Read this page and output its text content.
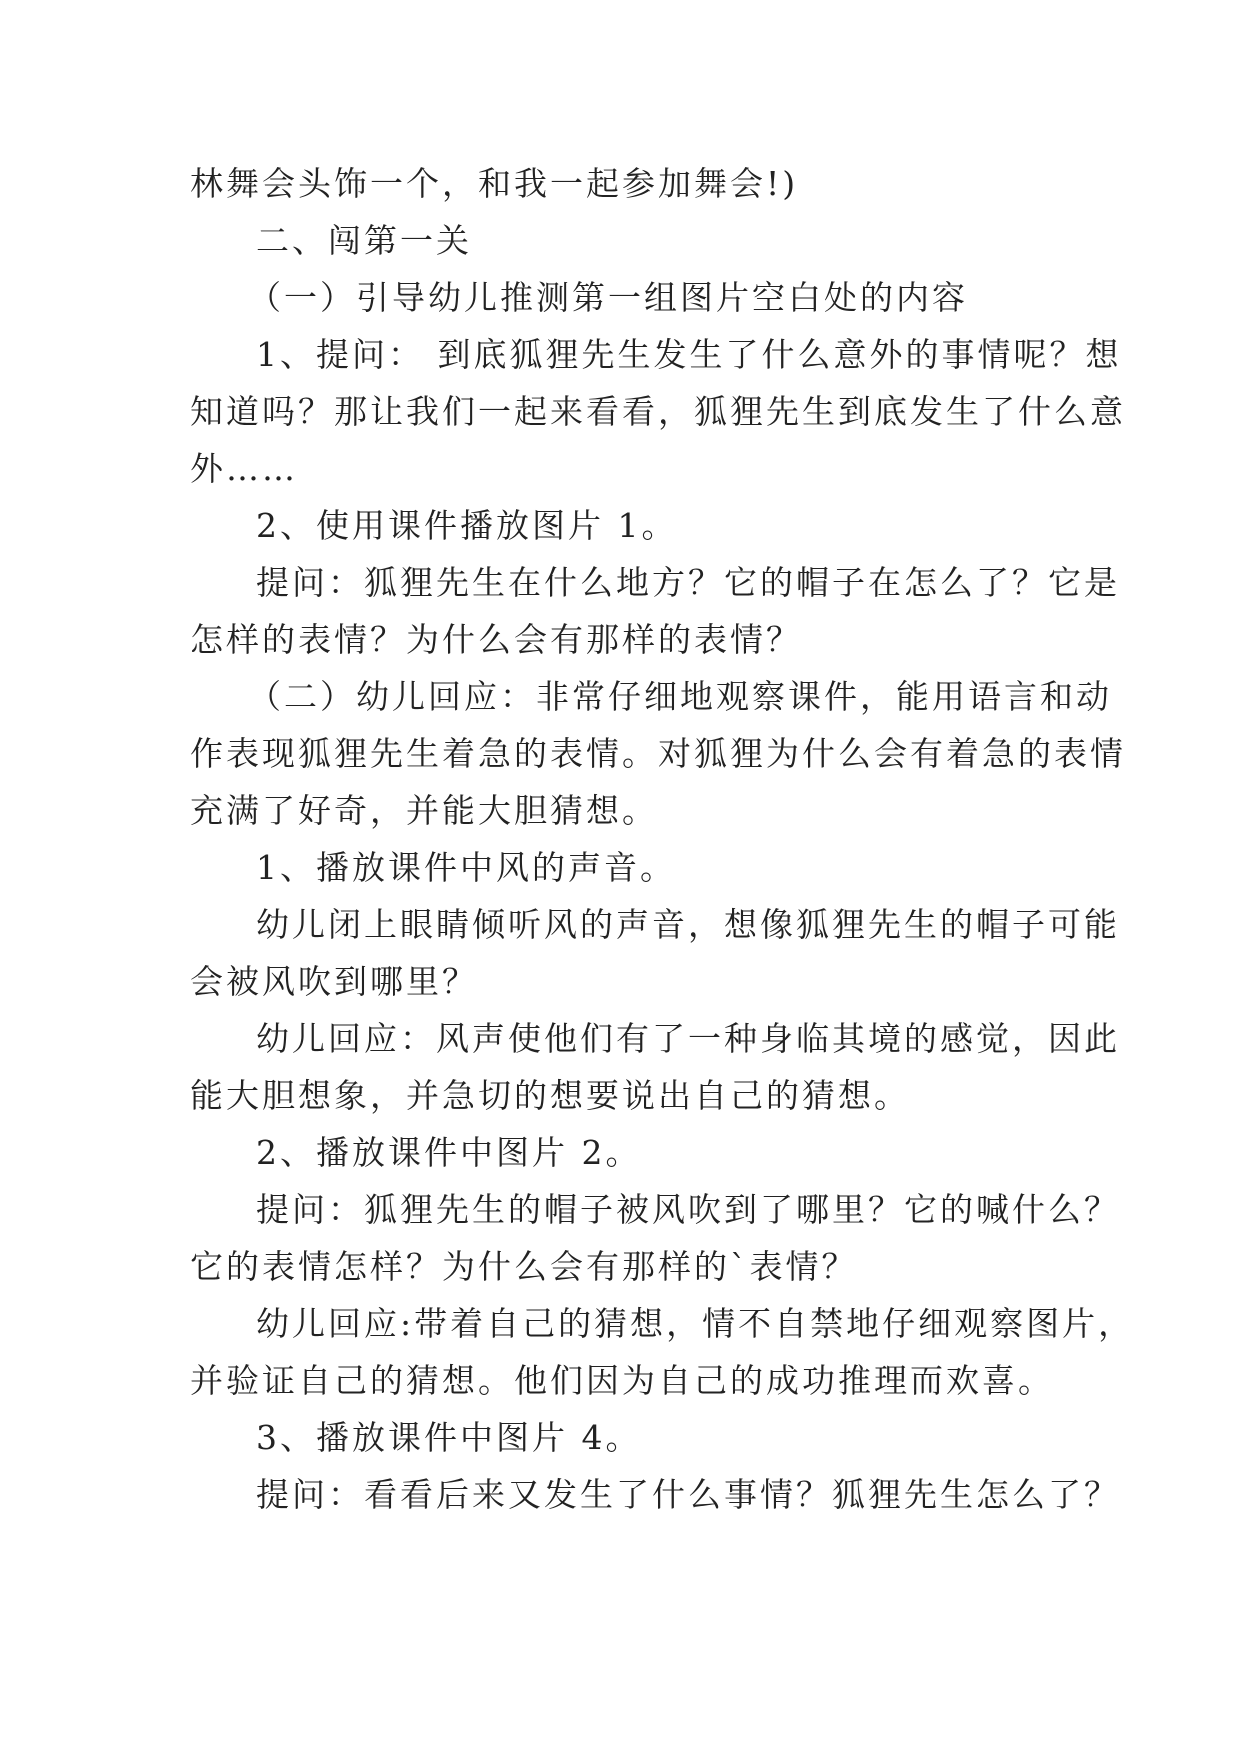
林舞会头饰一个，和我一起参加舞会!)
二、闯第一关
（一）引导幼儿推测第一组图片空白处的内容
1、提问： 到底狐狸先生发生了什么意外的事情呢？想
知道吗？那让我们一起来看看，狐狸先生到底发生了什么意
外……
2、使用课件播放图片 1。
提问：狐狸先生在什么地方？它的帽子在怎么了？它是
怎样的表情？为什么会有那样的表情？
（二）幼儿回应：非常仔细地观察课件，能用语言和动
作表现狐狸先生着急的表情。对狐狸为什么会有着急的表情
充满了好奇，并能大胆猜想。
1、播放课件中风的声音。
幼儿闭上眼睛倾听风的声音，想像狐狸先生的帽子可能
会被风吹到哪里？
幼儿回应：风声使他们有了一种身临其境的感觉，因此
能大胆想象，并急切的想要说出自己的猜想。
2、播放课件中图片 2。
提问：狐狸先生的帽子被风吹到了哪里？它的喊什么？
它的表情怎样？为什么会有那样的`表情？
幼儿回应:带着自己的猜想，情不自禁地仔细观察图片，
并验证自己的猜想。他们因为自己的成功推理而欢喜。
3、播放课件中图片 4。
提问：看看后来又发生了什么事情？狐狸先生怎么了？
